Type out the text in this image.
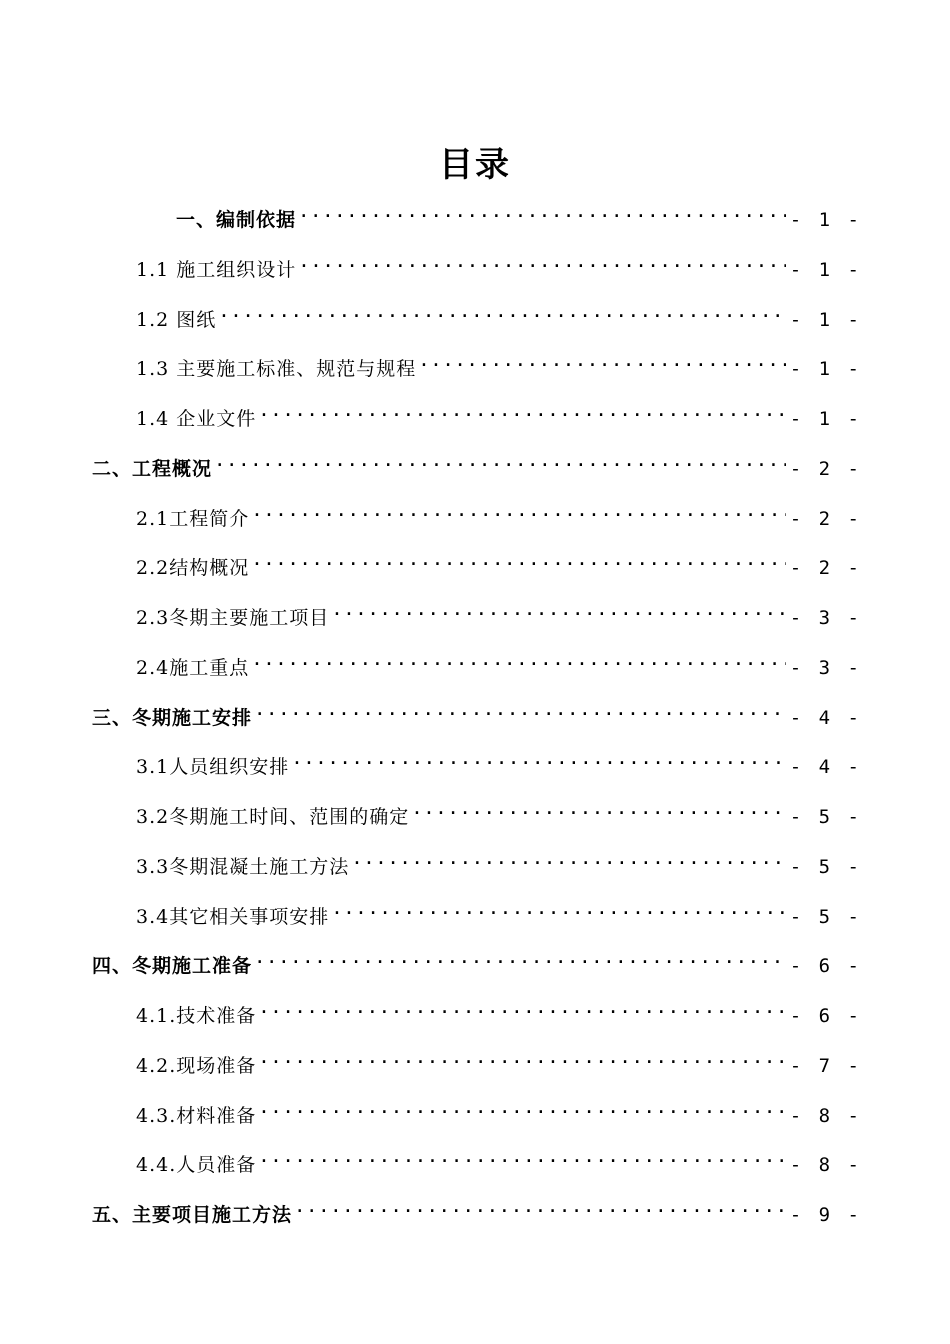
目录
一、编制依据 .....	- 1 -
1.1 施工组织设计 .....	- 1 -
1.2 图纸 .....	- 1 -
1.3 主要施工标准、规范与规程 .....	- 1 -
1.4 企业文件 .....	- 1 -
二、工程概况 .....	- 2 -
2.1工程简介 .....	- 2 -
2.2结构概况 .....	- 2 -
2.3冬期主要施工项目 .....	- 3 -
2.4施工重点 .....	- 3 -
三、冬期施工安排 .....	- 4 -
3.1人员组织安排 .....	- 4 -
3.2冬期施工时间、范围的确定 .....	- 5 -
3.3冬期混凝土施工方法 .....	- 5 -
3.4其它相关事项安排 .....	- 5 -
四、冬期施工准备 .....	- 6 -
4.1.技术准备 .....	- 6 -
4.2.现场准备 .....	- 7 -
4.3.材料准备 .....	- 8 -
4.4.人员准备 .....	- 8 -
五、主要项目施工方法 .....	- 9 -
